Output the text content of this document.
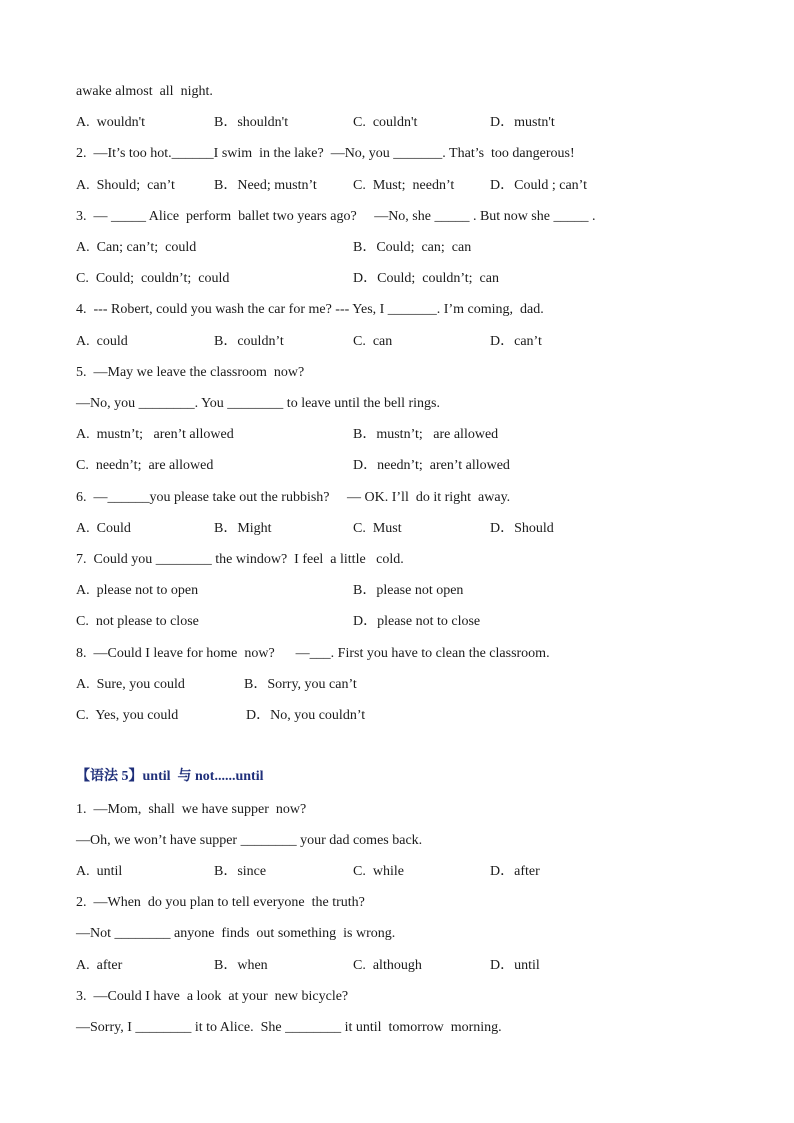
awake almost  all  night.

A.  wouldn't

	B．shouldn't

	C.  couldn't

	D．mustn't

2.  —It’s too hot.______I swim  in the lake?  —No, you _______. That’s  too dangerous!

A.  Should;  can’t

	B．Need; mustn’t

	C.  Must;  needn’t

	D．Could ; can’t

3.  — _____ Alice  perform  ballet two years ago?     —No, she _____ . But now she _____ .

A.  Can; can’t;  could

	B．Could;  can;  can

C.  Could;  couldn’t;  could

	D．Could;  couldn’t;  can

4.  --- Robert, could you wash the car for me? --- Yes, I _______. I’m coming,  dad.

A.  could

	B．couldn’t

	C.  can

	D．can’t

5.  —May we leave the classroom  now?
—No, you ________. You ________ to leave until the bell rings.

A.  mustn’t;   aren’t allowed

	B．mustn’t;   are allowed

C.  needn’t;  are allowed

	D．needn’t;  aren’t allowed

6.  —______you please take out the rubbish?     — OK. I’ll  do it right  away.

A.  Could

	B．Might

	C.  Must

	D．Should

7.  Could you ________ the window?  I feel  a little   cold.

A.  please not to open

	B．please not open

C.  not please to close

	D．please not to close

8.  —Could I leave for home  now?      —___. First you have to clean the classroom.

A.  Sure, you could

	B．Sorry, you can’t

C.  Yes, you could

	D．No, you couldn’t

【语法 5】until  与 not......until
1.  —Mom,  shall  we have supper  now?
—Oh, we won’t have supper ________ your dad comes back.

A.  until

	B．since

	C.  while

	D．after

2.  —When  do you plan to tell everyone  the truth?
—Not ________ anyone  finds  out something  is wrong.

A.  after

	B．when

	C.  although

	D．until

3.  —Could I have  a look  at your  new bicycle?
—Sorry, I ________ it to Alice.  She ________ it until  tomorrow  morning.
